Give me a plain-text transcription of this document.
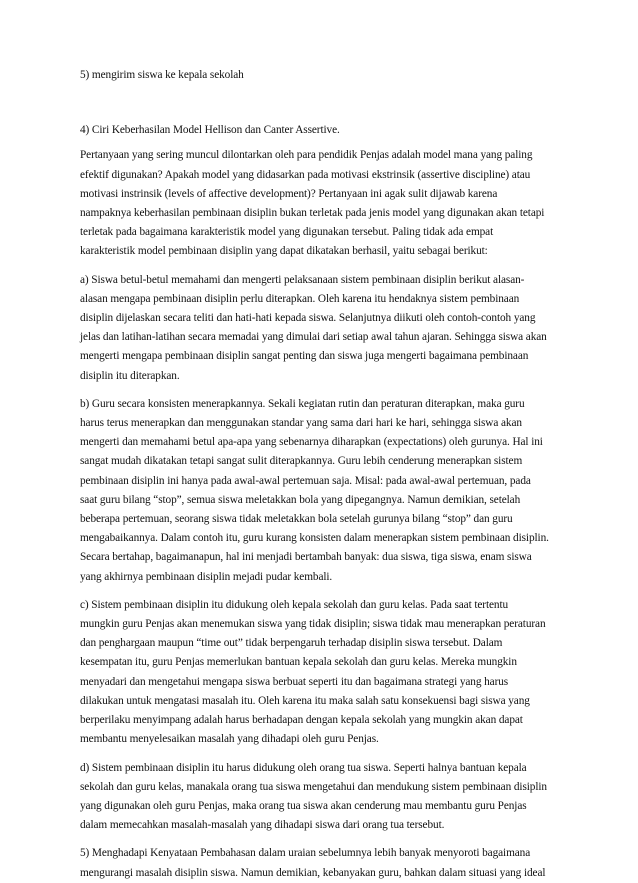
5) mengirim siswa ke kepala sekolah
4) Ciri Keberhasilan Model Hellison dan Canter Assertive.
Pertanyaan yang sering muncul dilontarkan oleh para pendidik Penjas adalah model mana yang paling
efektif digunakan? Apakah model yang didasarkan pada motivasi ekstrinsik (assertive discipline) atau
motivasi instrinsik (levels of affective development)? Pertanyaan ini agak sulit dijawab karena
nampaknya keberhasilan pembinaan disiplin bukan terletak pada jenis model yang digunakan akan tetapi
terletak pada bagaimana karakteristik model yang digunakan tersebut. Paling tidak ada empat
karakteristik model pembinaan disiplin yang dapat dikatakan berhasil, yaitu sebagai berikut:
a) Siswa betul-betul memahami dan mengerti pelaksanaan sistem pembinaan disiplin berikut alasan-
alasan mengapa pembinaan disiplin perlu diterapkan. Oleh karena itu hendaknya sistem pembinaan
disiplin dijelaskan secara teliti dan hati-hati kepada siswa. Selanjutnya diikuti oleh contoh-contoh yang
jelas dan latihan-latihan secara memadai yang dimulai dari setiap awal tahun ajaran. Sehingga siswa akan
mengerti mengapa pembinaan disiplin sangat penting dan siswa juga mengerti bagaimana pembinaan
disiplin itu diterapkan.
b) Guru secara konsisten menerapkannya. Sekali kegiatan rutin dan peraturan diterapkan, maka guru
harus terus menerapkan dan menggunakan standar yang sama dari hari ke hari, sehingga siswa akan
mengerti dan memahami betul apa-apa yang sebenarnya diharapkan (expectations) oleh gurunya. Hal ini
sangat mudah dikatakan tetapi sangat sulit diterapkannya. Guru lebih cenderung menerapkan sistem
pembinaan disiplin ini hanya pada awal-awal pertemuan saja. Misal: pada awal-awal pertemuan, pada
saat guru bilang “stop”, semua siswa meletakkan bola yang dipegangnya. Namun demikian, setelah
beberapa pertemuan, seorang siswa tidak meletakkan bola setelah gurunya bilang “stop” dan guru
mengabaikannya. Dalam contoh itu, guru kurang konsisten dalam menerapkan sistem pembinaan disiplin.
Secara bertahap, bagaimanapun, hal ini menjadi bertambah banyak: dua siswa, tiga siswa, enam siswa
yang akhirnya pembinaan disiplin mejadi pudar kembali.
c) Sistem pembinaan disiplin itu didukung oleh kepala sekolah dan guru kelas. Pada saat tertentu
mungkin guru Penjas akan menemukan siswa yang tidak disiplin; siswa tidak mau menerapkan peraturan
dan penghargaan maupun “time out” tidak berpengaruh terhadap disiplin siswa tersebut. Dalam
kesempatan itu, guru Penjas memerlukan bantuan kepala sekolah dan guru kelas. Mereka mungkin
menyadari dan mengetahui mengapa siswa berbuat seperti itu dan bagaimana strategi yang harus
dilakukan untuk mengatasi masalah itu. Oleh karena itu maka salah satu konsekuensi bagi siswa yang
berperilaku menyimpang adalah harus berhadapan dengan kepala sekolah yang mungkin akan dapat
membantu menyelesaikan masalah yang dihadapi oleh guru Penjas.
d) Sistem pembinaan disiplin itu harus didukung oleh orang tua siswa. Seperti halnya bantuan kepala
sekolah dan guru kelas, manakala orang tua siswa mengetahui dan mendukung sistem pembinaan disiplin
yang digunakan oleh guru Penjas, maka orang tua siswa akan cenderung mau membantu guru Penjas
dalam memecahkan masalah-masalah yang dihadapi siswa dari orang tua tersebut.
5) Menghadapi Kenyataan Pembahasan dalam uraian sebelumnya lebih banyak menyoroti bagaimana
mengurangi masalah disiplin siswa. Namun demikian, kebanyakan guru, bahkan dalam situasi yang ideal
